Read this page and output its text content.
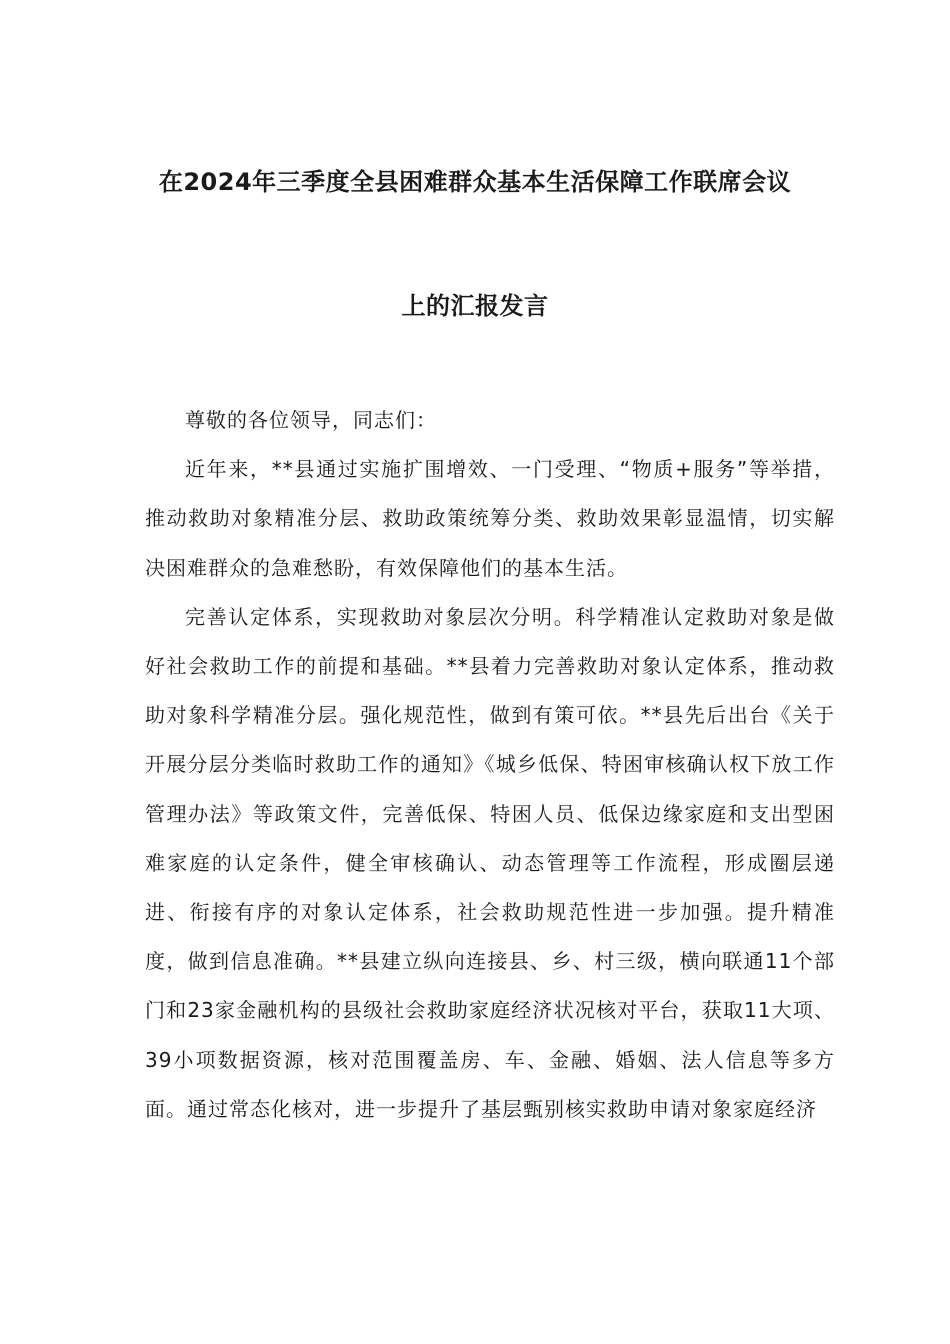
在2024年三季度全县困难群众基本生活保障工作联席会议
上的汇报发言

尊敬的各位领导，同志们：

近年来，**县通过实施扩围增效、一门受理、“物质+服务”等举措，推动救助对象精准分层、救助政策统筹分类、救助效果彰显温情，切实解决困难群众的急难愁盼，有效保障他们的基本生活。

完善认定体系，实现救助对象层次分明。科学精准认定救助对象是做好社会救助工作的前提和基础。**县着力完善救助对象认定体系，推动救助对象科学精准分层。强化规范性，做到有策可依。**县先后出台《关于开展分层分类临时救助工作的通知》《城乡低保、特困审核确认权下放工作管理办法》等政策文件，完善低保、特困人员、低保边缘家庭和支出型困难家庭的认定条件，健全审核确认、动态管理等工作流程，形成圈层递进、衔接有序的对象认定体系，社会救助规范性进一步加强。提升精准度，做到信息准确。**县建立纵向连接县、乡、村三级，横向联通11个部门和23家金融机构的县级社会救助家庭经济状况核对平台，获取11大项、39小项数据资源，核对范围覆盖房、车、金融、婚姻、法人信息等多方面。通过常态化核对，进一步提升了基层甄别核实救助申请对象家庭经济
